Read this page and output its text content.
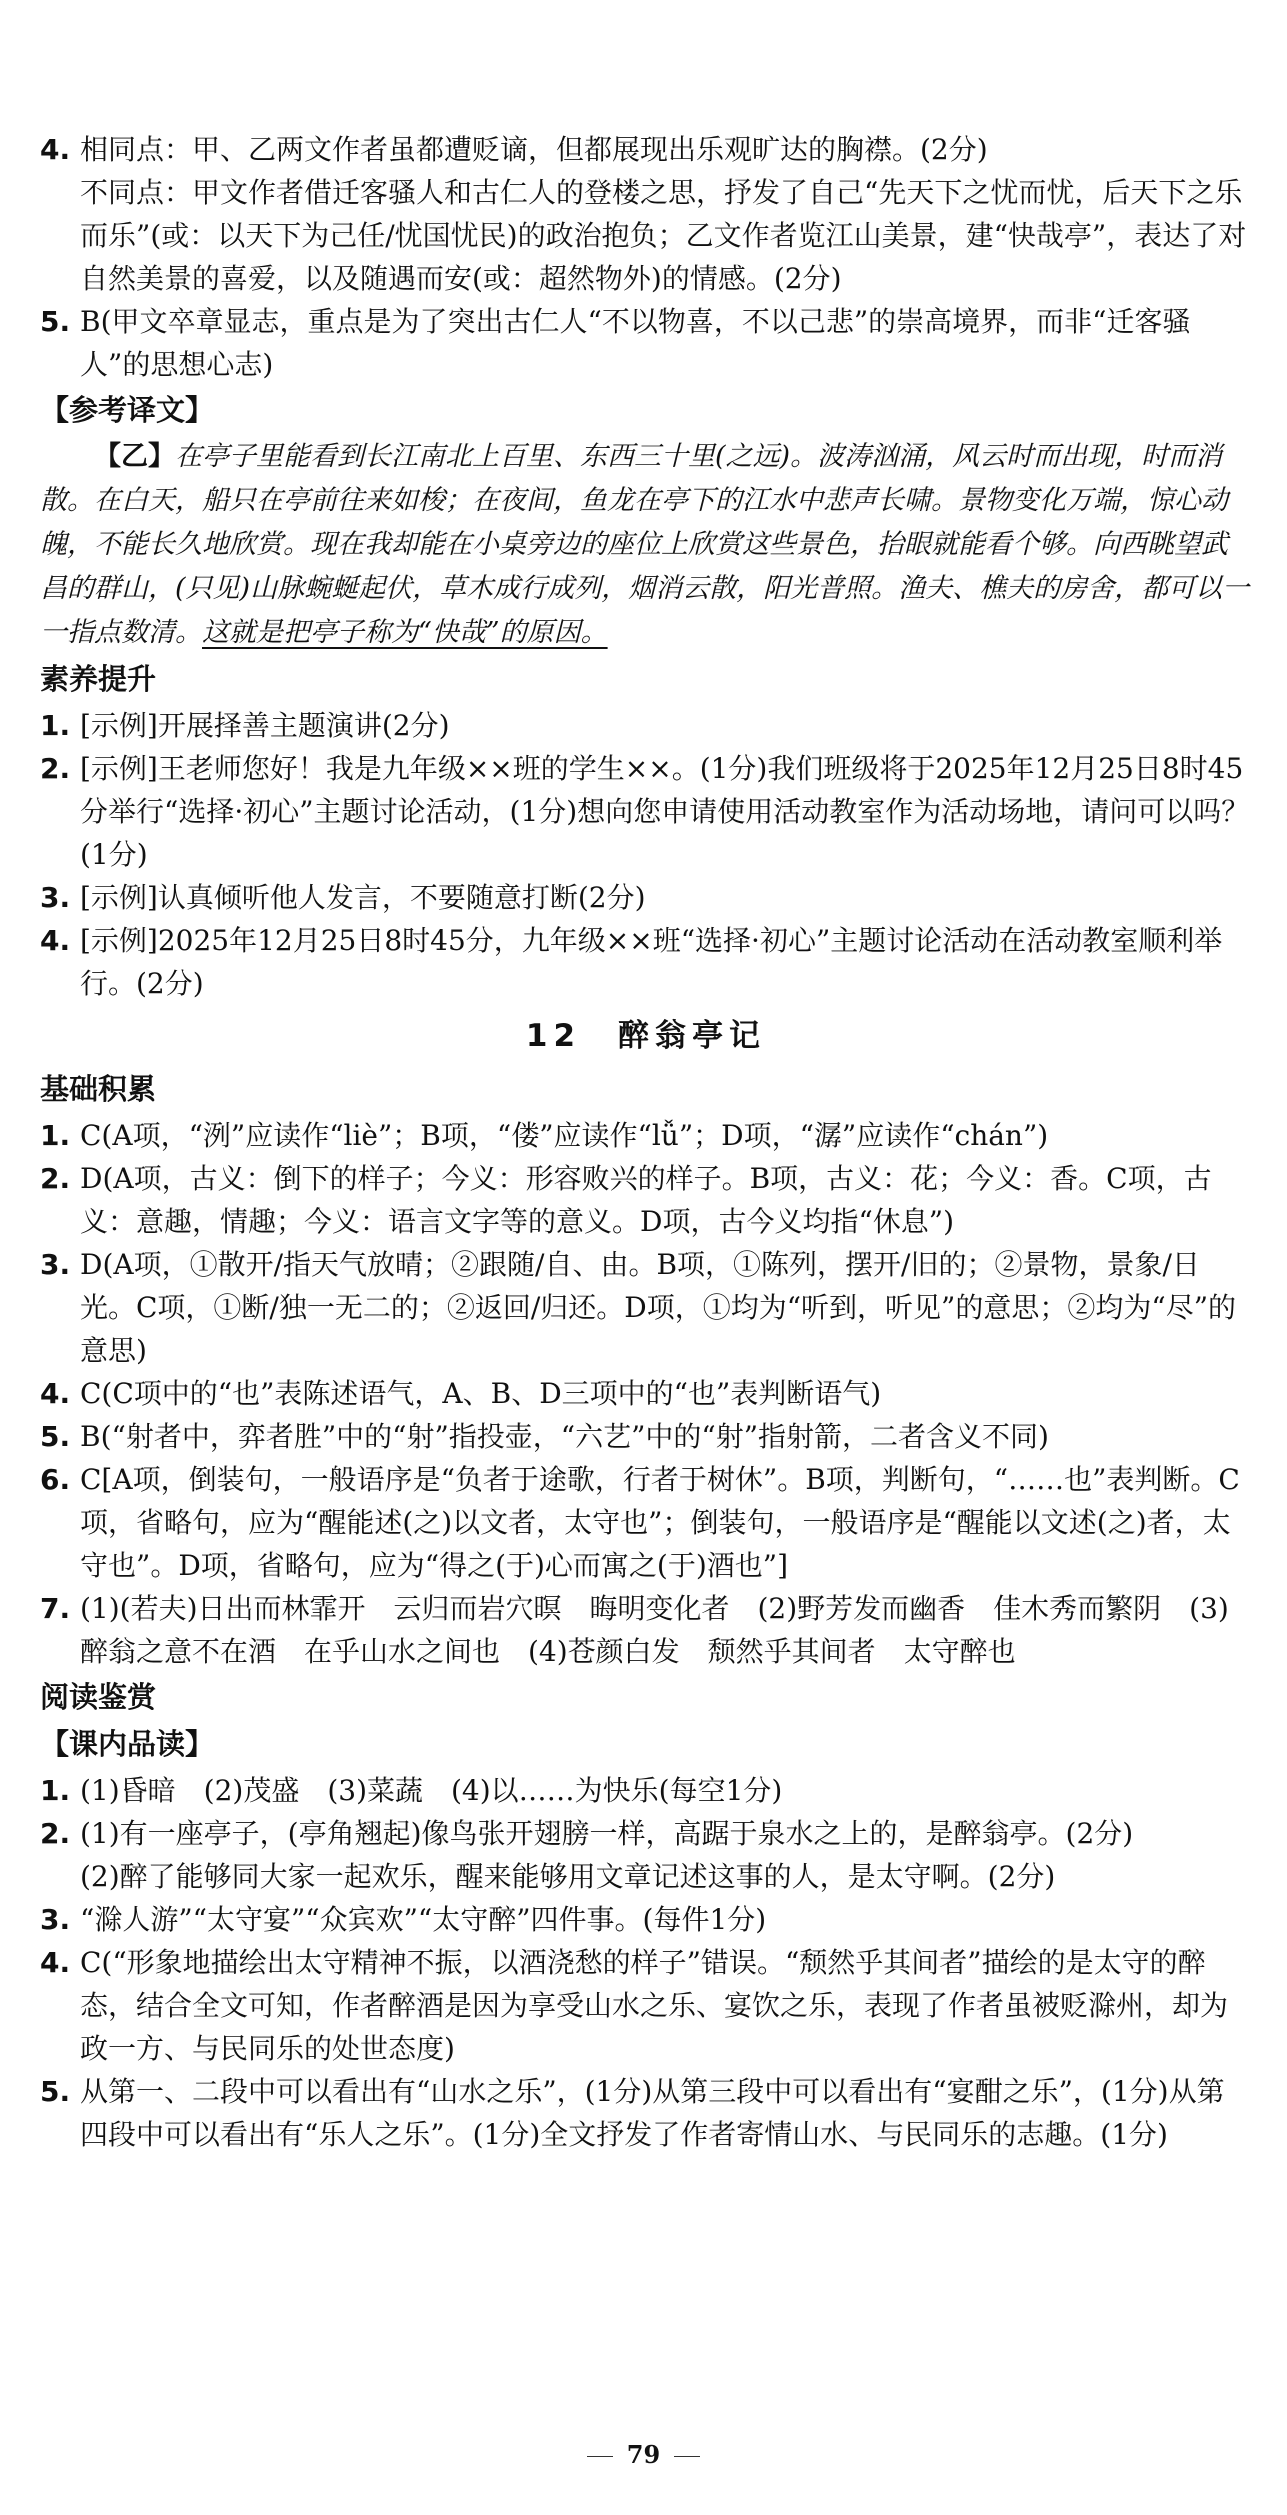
4. 相同点：甲、乙两文作者虽都遭贬谪，但都展现出乐观旷达的胸襟。(2分)

不同点：甲文作者借迁客骚人和古仁人的登楼之思，抒发了自己“先天下之忧而忧，后天下之乐而乐”(或：以天下为己任/忧国忧民)的政治抱负；乙文作者览江山美景，建“快哉亭”，表达了对自然美景的喜爱，以及随遇而安(或：超然物外)的情感。(2分)

5. B(甲文卒章显志，重点是为了突出古仁人“不以物喜，不以己悲”的崇高境界，而非“迁客骚人”的思想心志)

【参考译文】

【乙】在亭子里能看到长江南北上百里、东西三十里(之远)。波涛汹涌，风云时而出现，时而消散。在白天，船只在亭前往来如梭；在夜间，鱼龙在亭下的江水中悲声长啸。景物变化万端，惊心动魄，不能长久地欣赏。现在我却能在小桌旁边的座位上欣赏这些景色，抬眼就能看个够。向西眺望武昌的群山，(只见)山脉蜿蜒起伏，草木成行成列，烟消云散，阳光普照。渔夫、樵夫的房舍，都可以一一指点数清。这就是把亭子称为“快哉”的原因。

素养提升
1. [示例]开展择善主题演讲(2分)

2. [示例]王老师您好！我是九年级××班的学生××。(1分)我们班级将于2025年12月25日8时45分举行“选择·初心”主题讨论活动，(1分)想向您申请使用活动教室作为活动场地，请问可以吗？(1分)

3. [示例]认真倾听他人发言，不要随意打断(2分)

4. [示例]2025年12月25日8时45分，九年级××班“选择·初心”主题讨论活动在活动教室顺利举行。(2分)

12　醉翁亭记
基础积累
1. C(A项，“洌”应读作“liè”；B项，“偻”应读作“lǚ”；D项，“潺”应读作“chán”)

2. D(A项，古义：倒下的样子；今义：形容败兴的样子。B项，古义：花；今义：香。C项，古义：意趣，情趣；今义：语言文字等的意义。D项，古今义均指“休息”)

3. D(A项，①散开/指天气放晴；②跟随/自、由。B项，①陈列，摆开/旧的；②景物，景象/日光。C项，①断/独一无二的；②返回/归还。D项，①均为“听到，听见”的意思；②均为“尽”的意思)

4. C(C项中的“也”表陈述语气，A、B、D三项中的“也”表判断语气)

5. B(“射者中，弈者胜”中的“射”指投壶，“六艺”中的“射”指射箭，二者含义不同)

6. C[A项，倒装句，一般语序是“负者于途歌，行者于树休”。B项，判断句，“……也”表判断。C项，省略句，应为“醒能述(之)以文者，太守也”；倒装句，一般语序是“醒能以文述(之)者，太守也”。D项，省略句，应为“得之(于)心而寓之(于)酒也”]

7. (1)(若夫)日出而林霏开　云归而岩穴暝　晦明变化者　(2)野芳发而幽香　佳木秀而繁阴　(3)醉翁之意不在酒　在乎山水之间也　(4)苍颜白发　颓然乎其间者　太守醉也

阅读鉴赏
【课内品读】
1. (1)昏暗　(2)茂盛　(3)菜蔬　(4)以……为快乐(每空1分)

2. (1)有一座亭子，(亭角翘起)像鸟张开翅膀一样，高踞于泉水之上的，是醉翁亭。(2分)

(2)醉了能够同大家一起欢乐，醒来能够用文章记述这事的人，是太守啊。(2分)

3. “滁人游”“太守宴”“众宾欢”“太守醉”四件事。(每件1分)

4. C(“形象地描绘出太守精神不振，以酒浇愁的样子”错误。“颓然乎其间者”描绘的是太守的醉态，结合全文可知，作者醉酒是因为享受山水之乐、宴饮之乐，表现了作者虽被贬滁州，却为政一方、与民同乐的处世态度)

5. 从第一、二段中可以看出有“山水之乐”，(1分)从第三段中可以看出有“宴酣之乐”，(1分)从第四段中可以看出有“乐人之乐”。(1分)全文抒发了作者寄情山水、与民同乐的志趣。(1分)

79
